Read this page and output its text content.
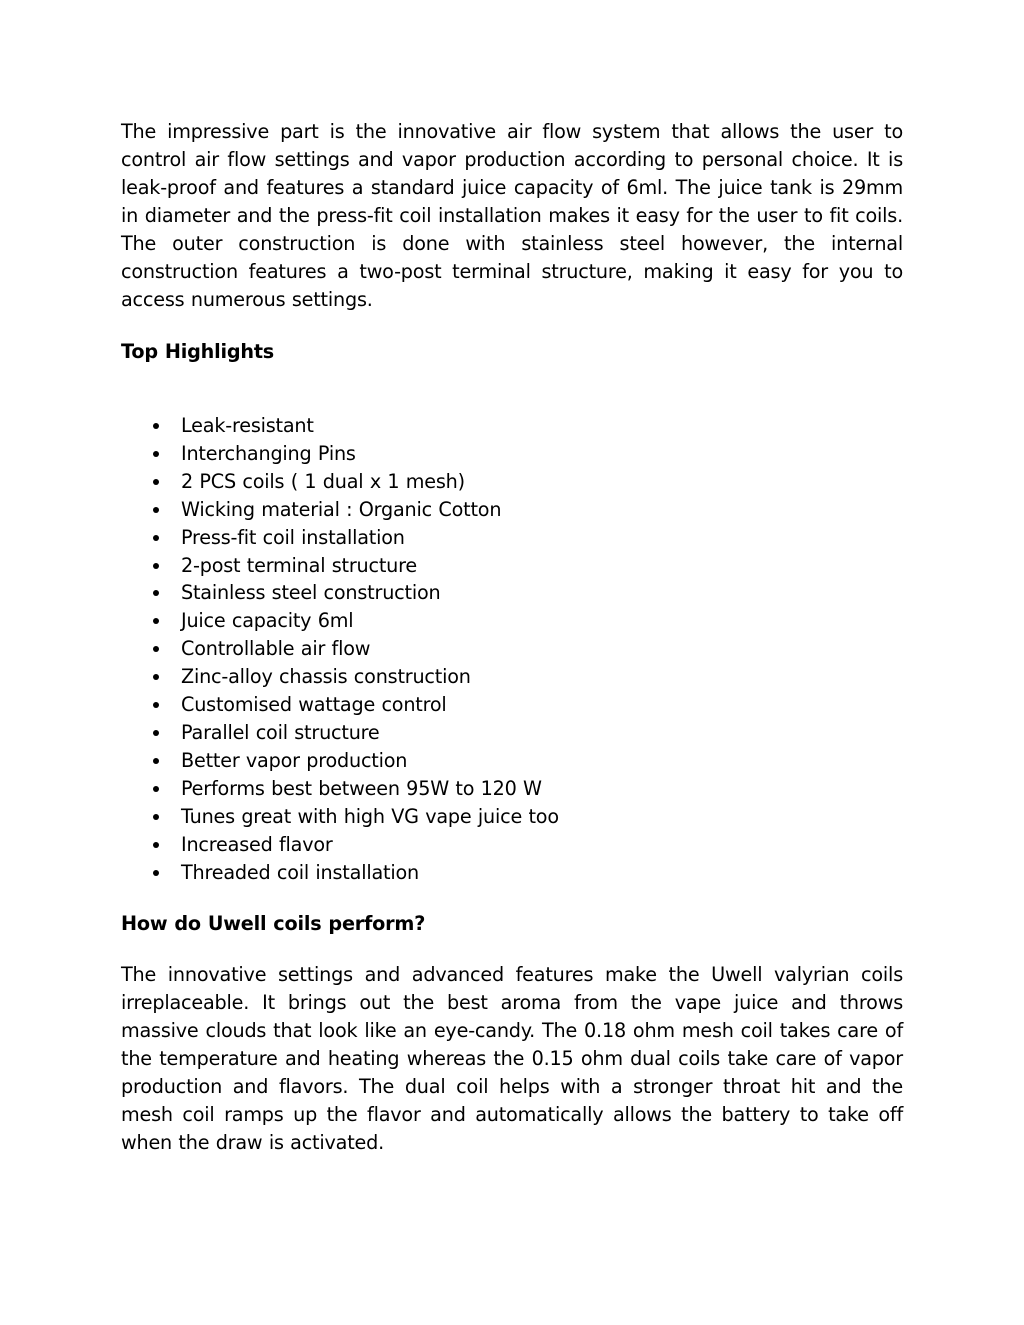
The impressive part is the innovative air flow system that allows the user to control air flow settings and vapor production according to personal choice. It is leak-proof and features a standard juice capacity of 6ml. The juice tank is 29mm in diameter and the press-fit coil installation makes it easy for the user to fit coils. The outer construction is done with stainless steel however, the internal construction features a two-post terminal structure, making it easy for you to access numerous settings.

Top Highlights

Leak-resistant
Interchanging Pins
2 PCS coils ( 1 dual x 1 mesh)
Wicking material : Organic Cotton
Press-fit coil installation
2-post terminal structure
Stainless steel construction
Juice capacity 6ml
Controllable air flow
Zinc-alloy chassis construction
Customised wattage control
Parallel coil structure
Better vapor production
Performs best between 95W to 120 W
Tunes great with high VG vape juice too
Increased flavor
Threaded coil installation

How do Uwell coils perform?

The innovative settings and advanced features make the Uwell valyrian coils irreplaceable. It brings out the best aroma from the vape juice and throws massive clouds that look like an eye-candy. The 0.18 ohm mesh coil takes care of the temperature and heating whereas the 0.15 ohm dual coils take care of vapor production and flavors. The dual coil helps with a stronger throat hit and the mesh coil ramps up the flavor and automatically allows the battery to take off when the draw is activated.
